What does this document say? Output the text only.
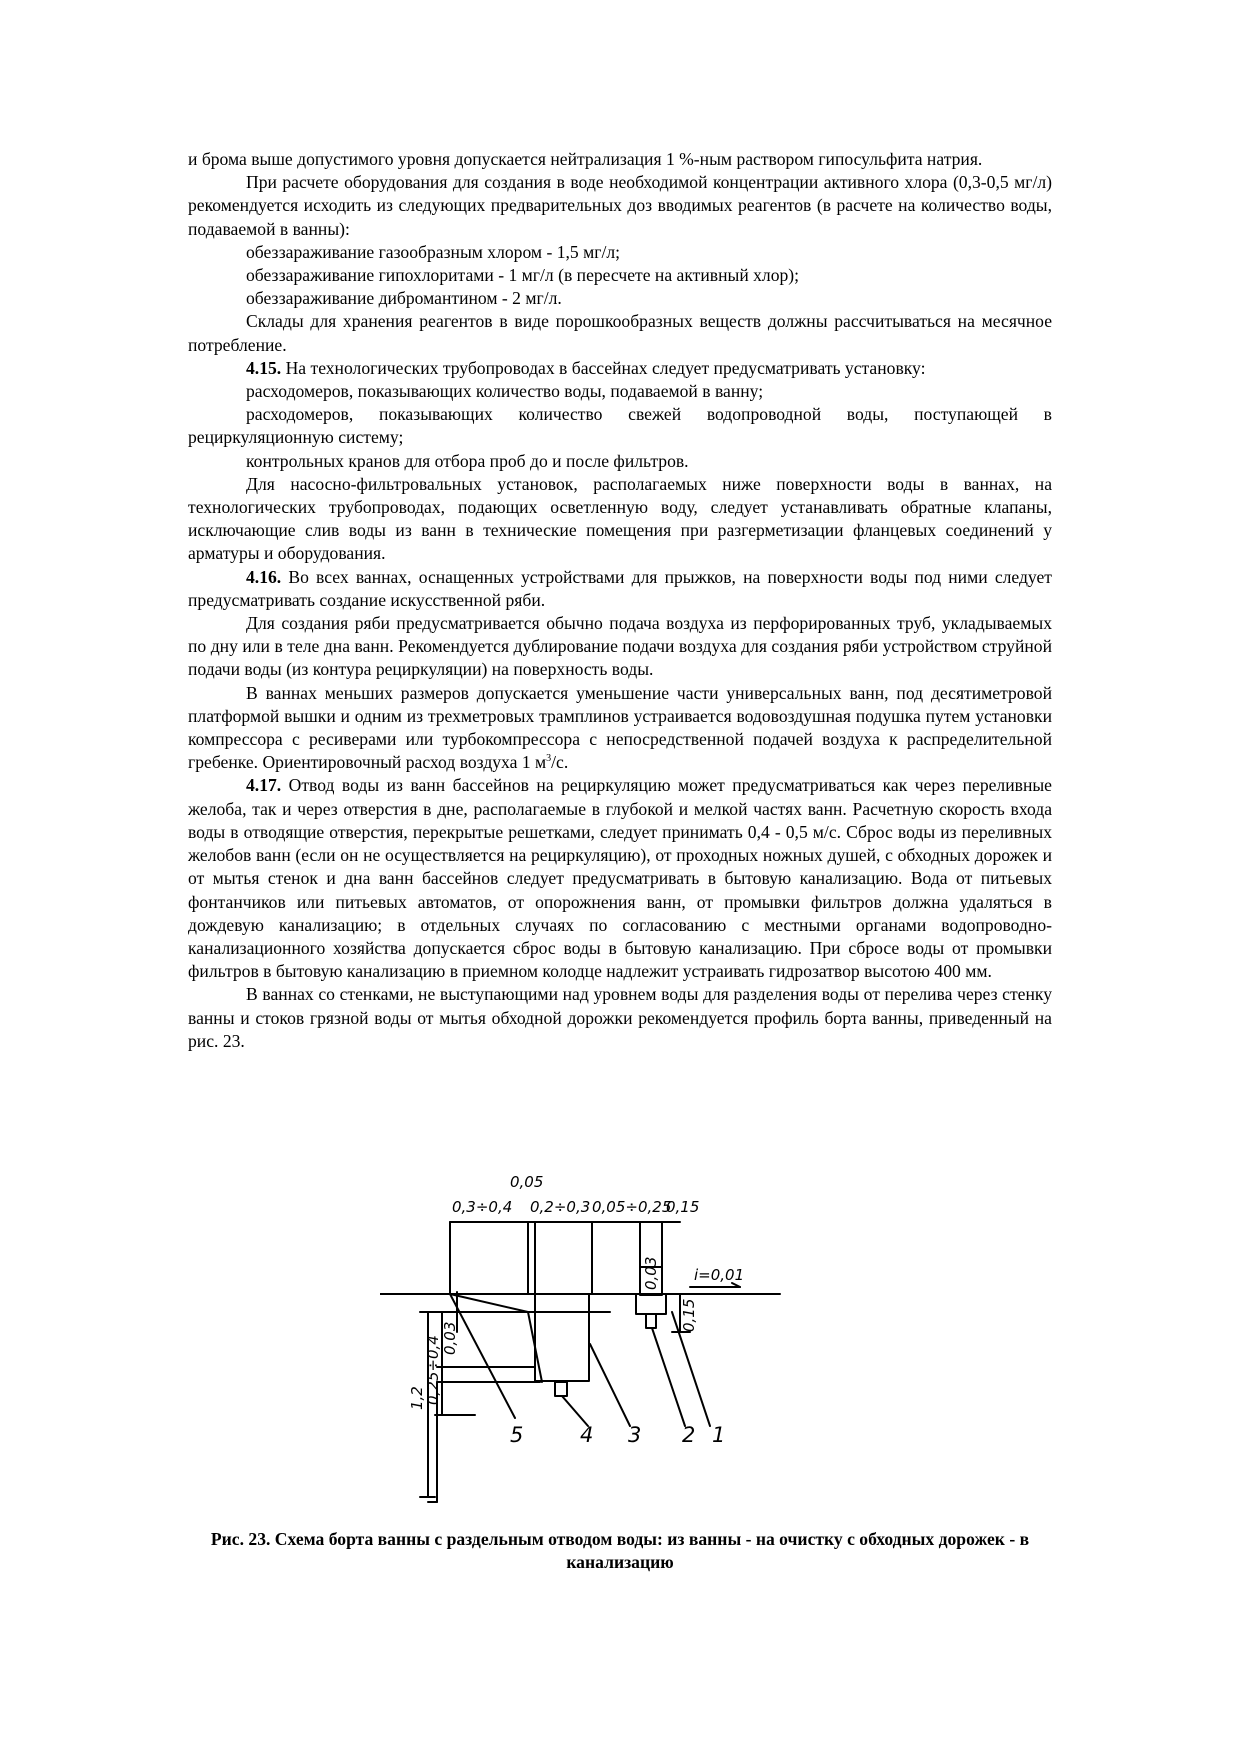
и брома выше допустимого уровня допускается нейтрализация 1 %-ным раствором гипосульфита натрия.

При расчете оборудования для создания в воде необходимой концентрации активного хлора (0,3-0,5 мг/л) рекомендуется исходить из следующих предварительных доз вводимых реагентов (в расчете на количество воды, подаваемой в ванны):

обеззараживание газообразным хлором - 1,5 мг/л;

обеззараживание гипохлоритами - 1 мг/л (в пересчете на активный хлор);

обеззараживание дибромантином - 2 мг/л.

Склады для хранения реагентов в виде порошкообразных веществ должны рассчитываться на месячное потребление.

4.15. На технологических трубопроводах в бассейнах следует предусматривать установку:

расходомеров, показывающих количество воды, подаваемой в ванну;

расходомеров, показывающих количество свежей водопроводной воды, поступающей в рециркуляционную систему;

контрольных кранов для отбора проб до и после фильтров.

Для насосно-фильтровальных установок, располагаемых ниже поверхности воды в ваннах, на технологических трубопроводах, подающих осветленную воду, следует устанавливать обратные клапаны, исключающие слив воды из ванн в технические помещения при разгерметизации фланцевых соединений у арматуры и оборудования.

4.16. Во всех ваннах, оснащенных устройствами для прыжков, на поверхности воды под ними следует предусматривать создание искусственной ряби.

Для создания ряби предусматривается обычно подача воздуха из перфорированных труб, укладываемых по дну или в теле дна ванн. Рекомендуется дублирование подачи воздуха для создания ряби устройством струйной подачи воды (из контура рециркуляции) на поверхность воды.

В ваннах меньших размеров допускается уменьшение части универсальных ванн, под десятиметровой платформой вышки и одним из трехметровых трамплинов устраивается водовоздушная подушка путем установки компрессора с ресиверами или турбокомпрессора с непосредственной подачей воздуха к распределительной гребенке. Ориентировочный расход воздуха 1 $м^3/с$.

4.17. Отвод воды из ванн бассейнов на рециркуляцию может предусматриваться как через переливные желоба, так и через отверстия в дне, располагаемые в глубокой и мелкой частях ванн. Расчетную скорость входа воды в отводящие отверстия, перекрытые решетками, следует принимать 0,4 - 0,5 м/с. Сброс воды из переливных желобов ванн (если он не осуществляется на рециркуляцию), от проходных ножных душей, с обходных дорожек и от мытья стенок и дна ванн бассейнов следует предусматривать в бытовую канализацию. Вода от питьевых фонтанчиков или питьевых автоматов, от опорожнения ванн, от промывки фильтров должна удаляться в дождевую канализацию; в отдельных случаях по согласованию с местными органами водопроводно-канализационного хозяйства допускается сброс воды в бытовую канализацию. При сбросе воды от промывки фильтров в бытовую канализацию в приемном колодце надлежит устраивать гидрозатвор высотою 400 мм.

В ваннах со стенками, не выступающими над уровнем воды для разделения воды от перелива через стенку ванны и стоков грязной воды от мытья обходной дорожки рекомендуется профиль борта ванны, приведенный на рис. 23.

0,05
0,3÷0,4 0,2÷0,3 0,05÷0,25
0,15
i=0,01
0,03
0,15
1,2
0,25÷0,4 0,03
5	4 3 2 1
Рис. 23. Схема борта ванны с раздельным отводом воды: из ванны - на очистку с обходных дорожек - в канализацию
